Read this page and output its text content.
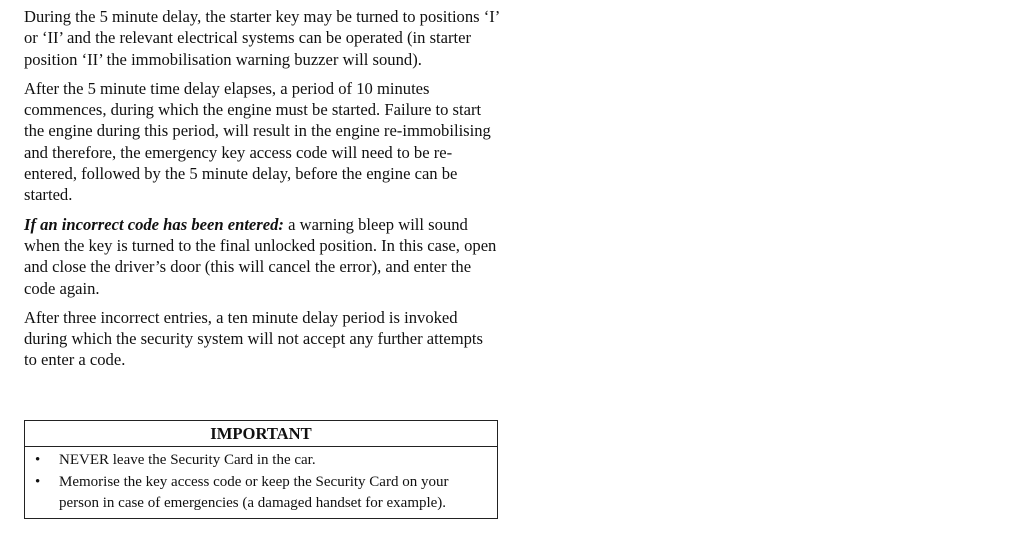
During the 5 minute delay, the starter key may be turned to positions ‘I’ or ‘II’ and the relevant electrical systems can be operated (in starter position ‘II’ the immobilisation warning buzzer will sound).

After the 5 minute time delay elapses, a period of 10 minutes commences, during which the engine must be started. Failure to start the engine during this period, will result in the engine re-immobilising and therefore, the emergency key access code will need to be re-entered, followed by the 5 minute delay, before the engine can be started.

If an incorrect code has been entered: a warning bleep will sound when the key is turned to the final unlocked position. In this case, open and close the driver’s door (this will cancel the error), and enter the code again.

After three incorrect entries, a ten minute delay period is invoked during which the security system will not accept any further attempts to enter a code.

IMPORTANT
• NEVER leave the Security Card in the car.
• Memorise the key access code or keep the Security Card on your person in case of emergencies (a damaged handset for example).
